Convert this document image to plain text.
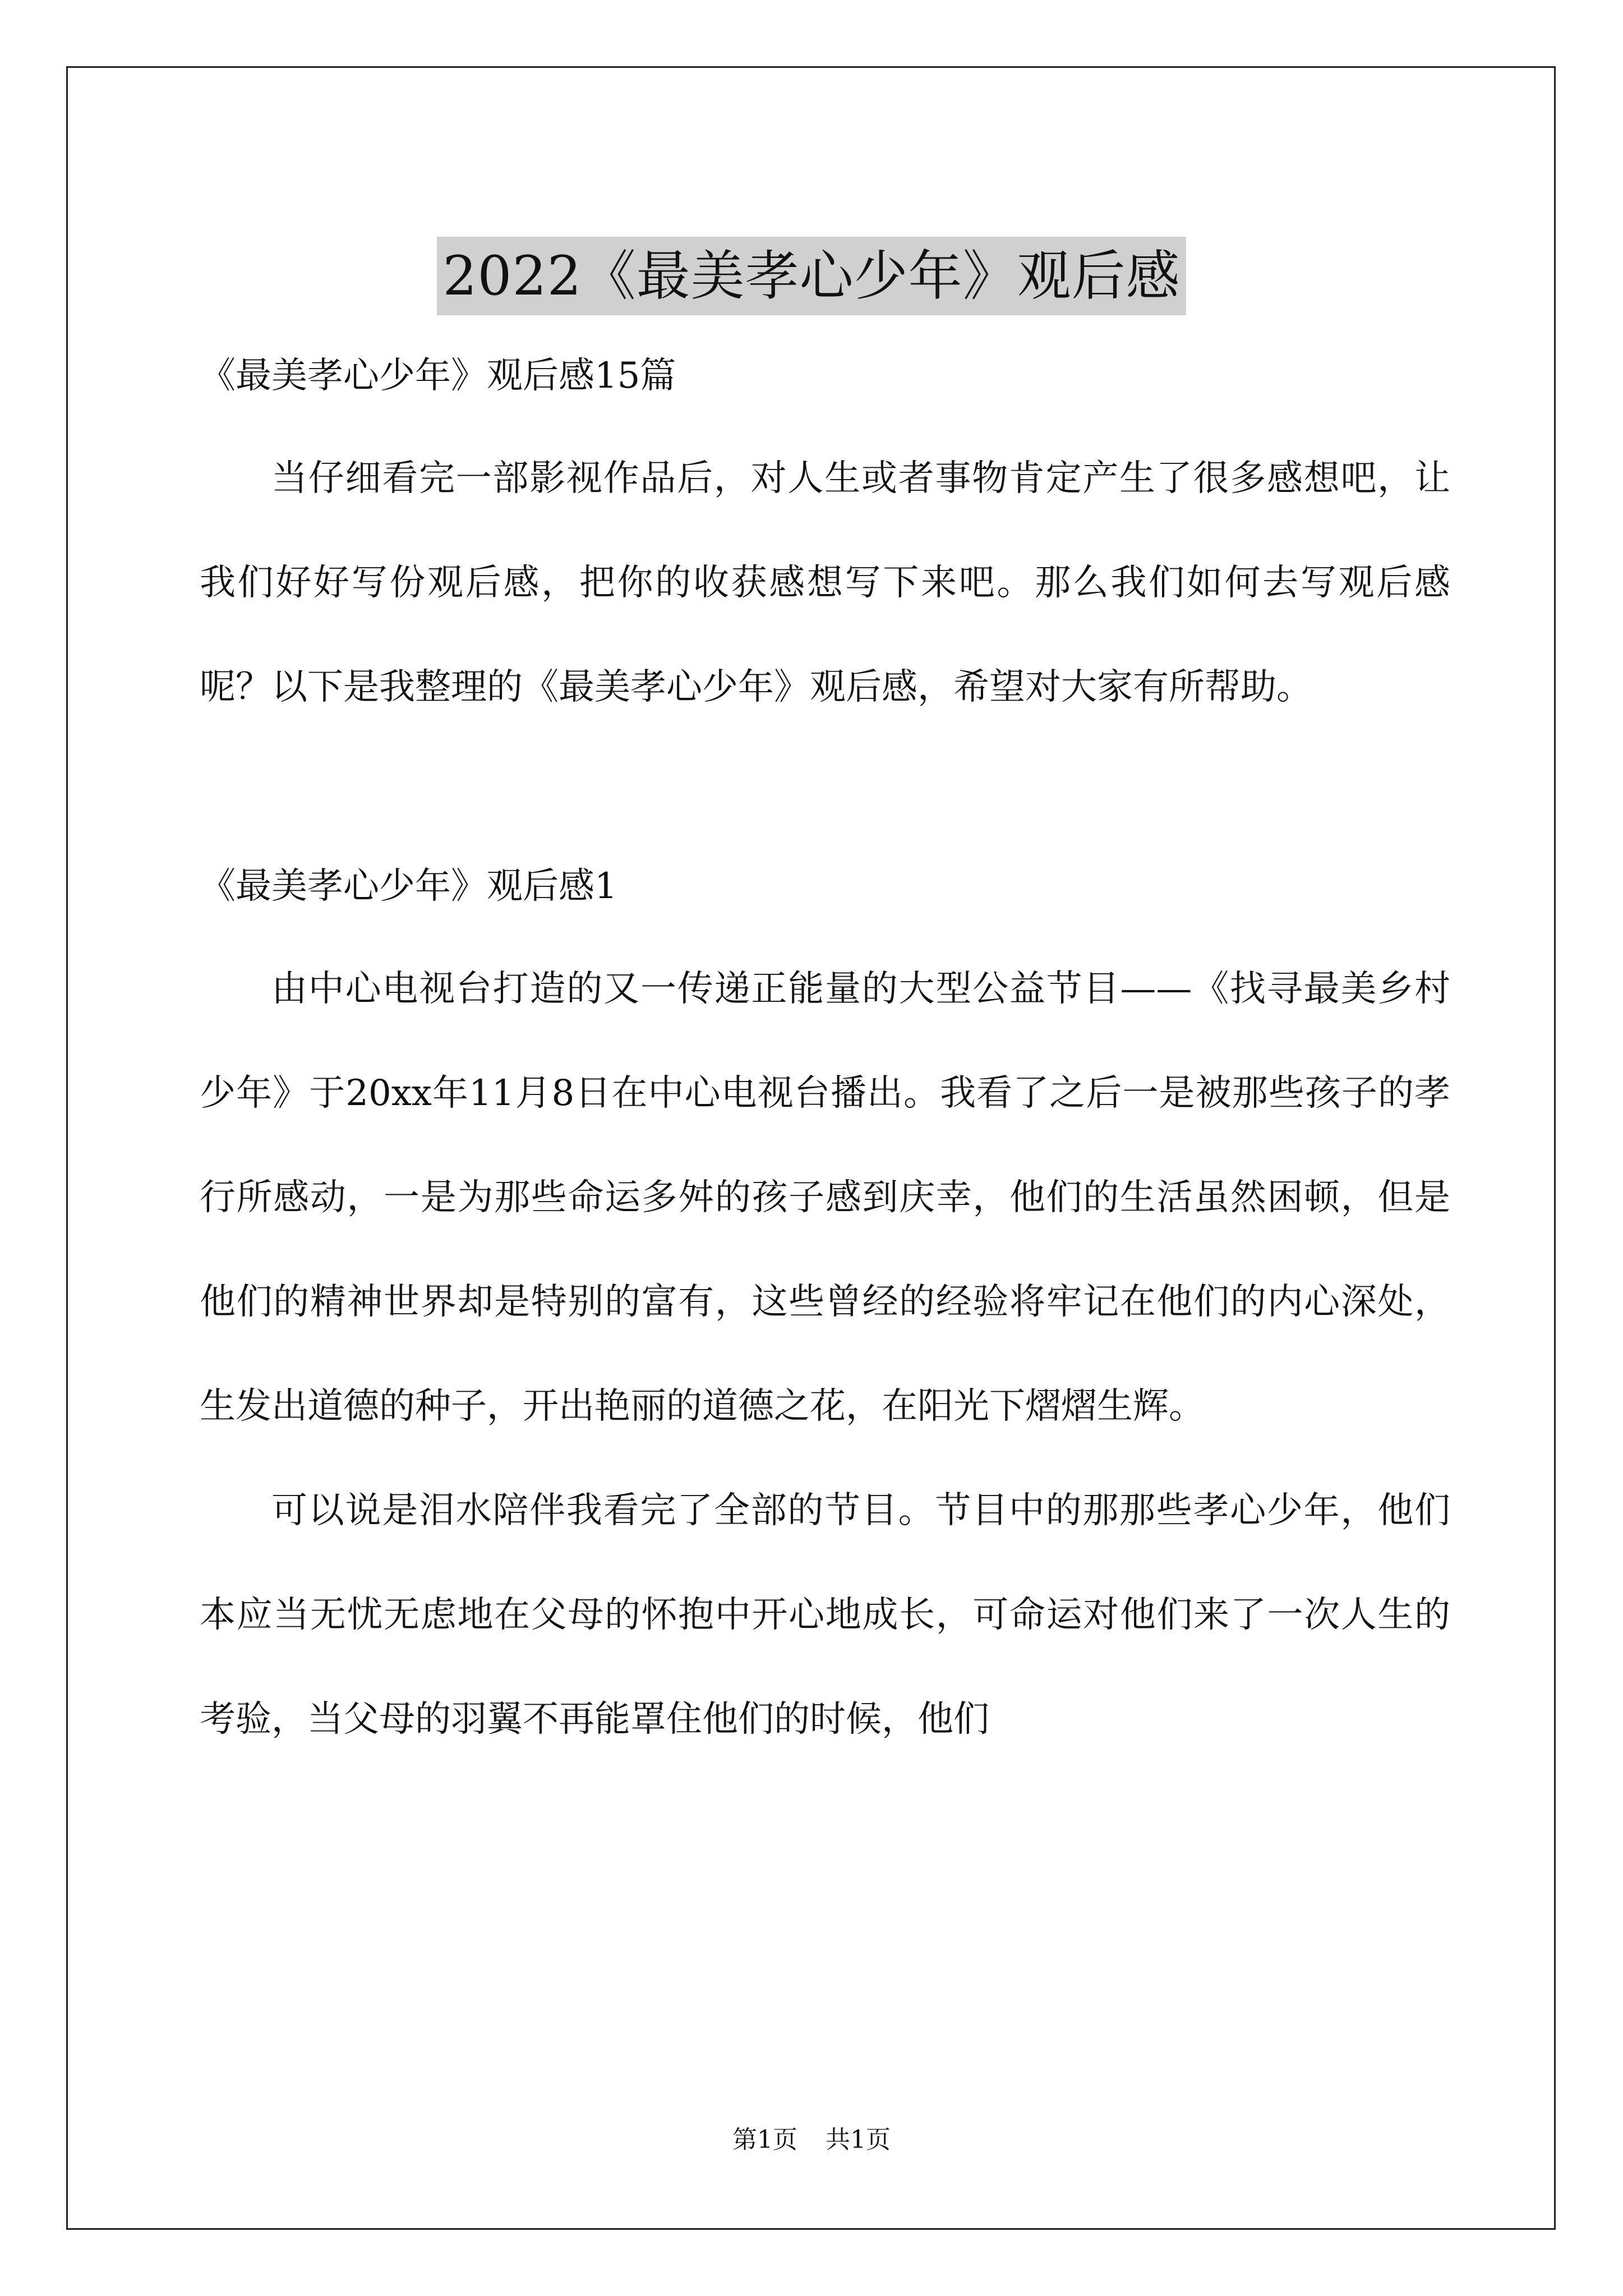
2022《最美孝心少年》观后感

《最美孝心少年》观后感15篇

当仔细看完一部影视作品后，对人生或者事物肯定产生了很多感想吧，让我们好好写份观后感，把你的收获感想写下来吧。那么我们如何去写观后感呢？以下是我整理的《最美孝心少年》观后感，希望对大家有所帮助。

《最美孝心少年》观后感1

由中心电视台打造的又一传递正能量的大型公益节目——《找寻最美乡村少年》于20xx年11月8日在中心电视台播出。我看了之后一是被那些孩子的孝行所感动，一是为那些命运多舛的孩子感到庆幸，他们的生活虽然困顿，但是他们的精神世界却是特别的富有，这些曾经的经验将牢记在他们的内心深处，生发出道德的种子，开出艳丽的道德之花，在阳光下熠熠生辉。

可以说是泪水陪伴我看完了全部的节目。节目中的那那些孝心少年，他们本应当无忧无虑地在父母的怀抱中开心地成长，可命运对他们来了一次人生的考验，当父母的羽翼不再能罩住他们的时候，他们

第1页 共1页
